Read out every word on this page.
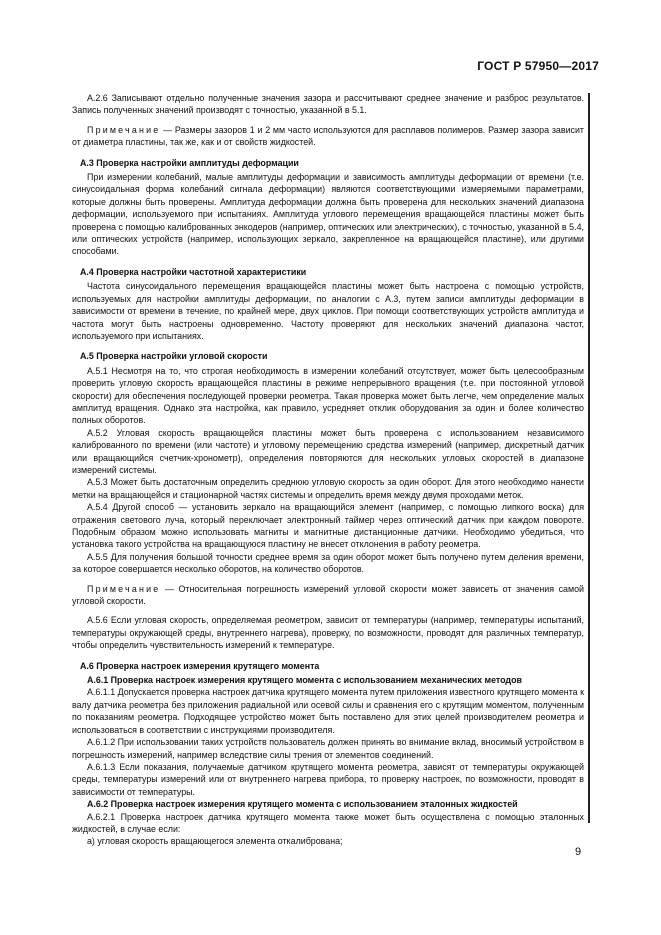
ГОСТ Р 57950—2017

А.2.6 Записывают отдельно полученные значения зазора и рассчитывают среднее значение и разброс результатов. Запись полученных значений производят с точностью, указанной в 5.1.

Примечание — Размеры зазоров 1 и 2 мм часто используются для расплавов полимеров. Размер зазора зависит от диаметра пластины, так же, как и от свойств жидкостей.

А.3 Проверка настройки амплитуды деформации

При измерении колебаний, малые амплитуды деформации и зависимость амплитуды деформации от времени (т.е. синусоидальная форма колебаний сигнала деформации) являются соответствующими измеряемыми параметрами, которые должны быть проверены. Амплитуда деформации должна быть проверена для нескольких значений диапазона деформации, используемого при испытаниях. Амплитуда углового перемещения вращающейся пластины может быть проверена с помощью калиброванных энкодеров (например, оптических или электрических), с точностью, указанной в 5.4, или оптических устройств (например, использующих зеркало, закрепленное на вращающейся пластине), или другими способами.

А.4 Проверка настройки частотной характеристики

Частота синусоидального перемещения вращающейся пластины может быть настроена с помощью устройств, используемых для настройки амплитуды деформации, по аналогии с А.3, путем записи амплитуды деформации в зависимости от времени в течение, по крайней мере, двух циклов. При помощи соответствующих устройств амплитуда и частота могут быть настроены одновременно. Частоту проверяют для нескольких значений диапазона частот, используемого при испытаниях.

А.5 Проверка настройки угловой скорости

А.5.1 Несмотря на то, что строгая необходимость в измерении колебаний отсутствует, может быть целесообразным проверить угловую скорость вращающейся пластины в режиме непрерывного вращения (т.е. при постоянной угловой скорости) для обеспечения последующей проверки реометра. Такая проверка может быть легче, чем определение малых амплитуд вращения. Однако эта настройка, как правило, усредняет отклик оборудования за один и более количество полных оборотов.

А.5.2 Угловая скорость вращающейся пластины может быть проверена с использованием независимого калиброванного по времени (или частоте) и угловому перемещению средства измерений (например, дискретный датчик или вращающийся счетчик-хронометр), определения повторяются для нескольких угловых скоростей в диапазоне измерений системы.

А.5.3 Может быть достаточным определить среднюю угловую скорость за один оборот. Для этого необходимо нанести метки на вращающейся и стационарной частях системы и определить время между двумя проходами меток.

А.5.4 Другой способ — установить зеркало на вращающийся элемент (например, с помощью липкого воска) для отражения светового луча, который переключает электронный таймер через оптический датчик при каждом повороте. Подобным образом можно использовать магниты и магнитные дистанционные датчики. Необходимо убедиться, что установка такого устройства на вращающуюся пластину не внесет отклонения в работу реометра.

А.5.5 Для получения большой точности среднее время за один оборот может быть получено путем деления времени, за которое совершается несколько оборотов, на количество оборотов.

Примечание — Относительная погрешность измерений угловой скорости может зависеть от значения самой угловой скорости.

А.5.6 Если угловая скорость, определяемая реометром, зависит от температуры (например, температуры испытаний, температуры окружающей среды, внутреннего нагрева), проверку, по возможности, проводят для различных температур, чтобы определить чувствительность измерений к температуре.

А.6 Проверка настроек измерения крутящего момента
А.6.1 Проверка настроек измерения крутящего момента с использованием механических методов

А.6.1.1 Допускается проверка настроек датчика крутящего момента путем приложения известного крутящего момента к валу датчика реометра без приложения радиальной или осевой силы и сравнения его с крутящим моментом, полученным по показаниям реометра. Подходящее устройство может быть поставлено для этих целей производителем реометра и использоваться в соответствии с инструкциями производителя.

А.6.1.2 При использовании таких устройств пользователь должен принять во внимание вклад, вносимый устройством в погрешность измерений, например вследствие силы трения от элементов соединений.

А.6.1.3 Если показания, получаемые датчиком крутящего момента реометра, зависят от температуры окружающей среды, температуры измерений или от внутреннего нагрева прибора, то проверку настроек, по возможности, проводят в зависимости от температуры.

А.6.2 Проверка настроек измерения крутящего момента с использованием эталонных жидкостей

А.6.2.1 Проверка настроек датчика крутящего момента также может быть осуществлена с помощью эталонных жидкостей, в случае если:

а) угловая скорость вращающегося элемента откалибрована;

9
